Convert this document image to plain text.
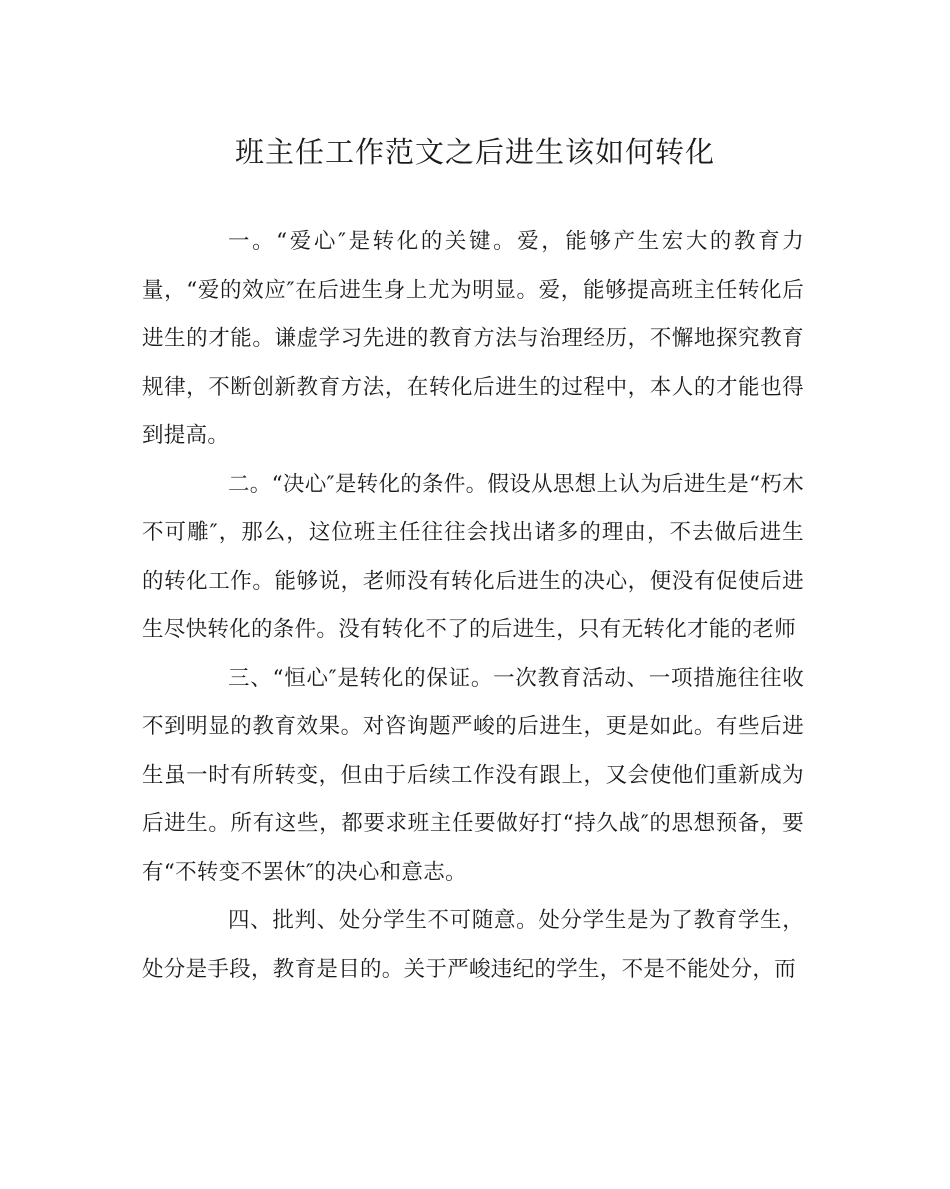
班主任工作范文之后进生该如何转化

一。“爱心″是转化的关键。爱，能够产生宏大的教育力量，“爱的效应″在后进生身上尤为明显。爱，能够提高班主任转化后进生的才能。谦虚学习先进的教育方法与治理经历，不懈地探究教育规律，不断创新教育方法，在转化后进生的过程中，本人的才能也得到提高。

二。“决心″是转化的条件。假设从思想上认为后进生是“朽木不可雕″，那么，这位班主任往往会找出诸多的理由，不去做后进生的转化工作。能够说，老师没有转化后进生的决心，便没有促使后进生尽快转化的条件。没有转化不了的后进生，只有无转化才能的老师

三、“恒心″是转化的保证。一次教育活动、一项措施往往收不到明显的教育效果。对咨询题严峻的后进生，更是如此。有些后进生虽一时有所转变，但由于后续工作没有跟上，又会使他们重新成为后进生。所有这些，都要求班主任要做好打“持久战″的思想预备，要有“不转变不罢休″的决心和意志。

四、批判、处分学生不可随意。处分学生是为了教育学生，处分是手段，教育是目的。关于严峻违纪的学生，不是不能处分，而
